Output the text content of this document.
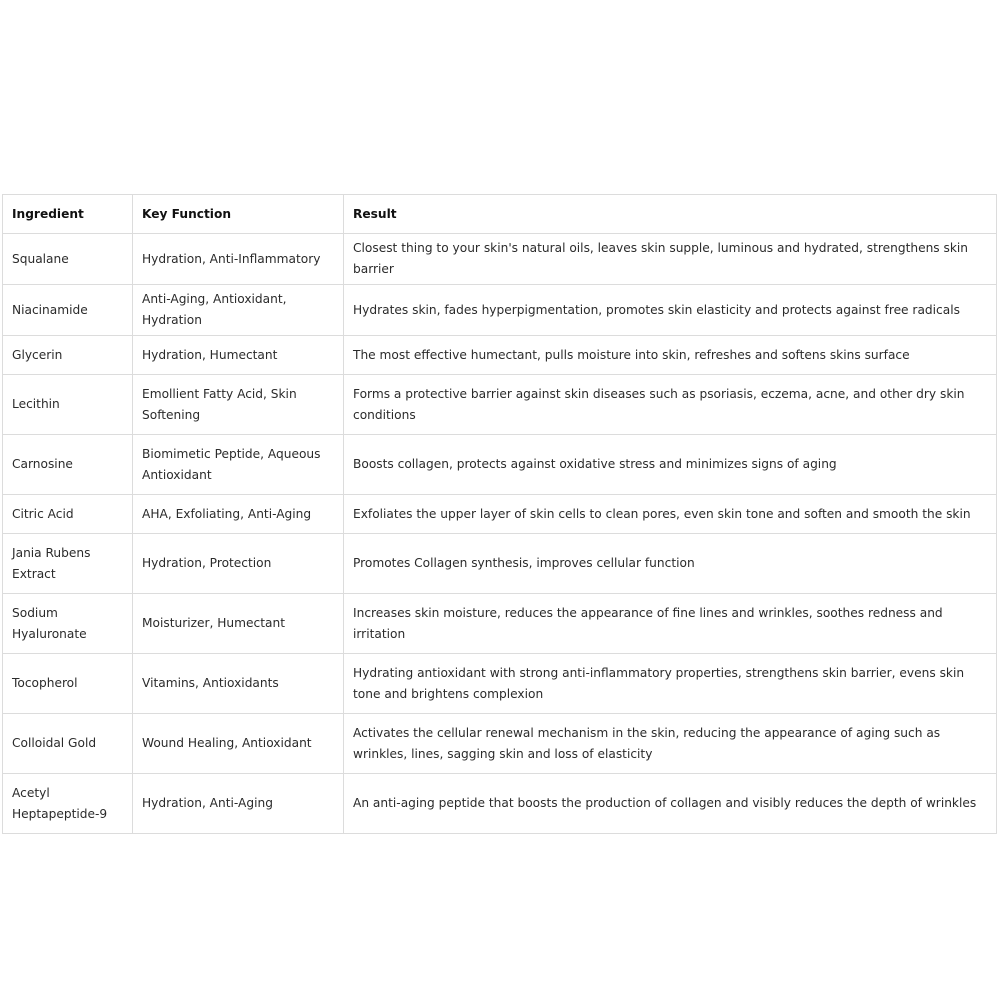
Ingredient	Key Function	Result
Squalane	Hydration, Anti-Inflammatory	Closest thing to your skin's natural oils, leaves skin supple, luminous and hydrated, strengthens skin barrier
Niacinamide	Anti-Aging, Antioxidant, Hydration	Hydrates skin, fades hyperpigmentation, promotes skin elasticity and protects against free radicals
Glycerin	Hydration, Humectant	The most effective humectant, pulls moisture into skin, refreshes and softens skins surface
Lecithin	Emollient Fatty Acid, Skin Softening	Forms a protective barrier against skin diseases such as psoriasis, eczema, acne, and other dry skin conditions
Carnosine	Biomimetic Peptide, Aqueous Antioxidant	Boosts collagen, protects against oxidative stress and minimizes signs of aging
Citric Acid	AHA, Exfoliating, Anti-Aging	Exfoliates the upper layer of skin cells to clean pores, even skin tone and soften and smooth the skin
Jania Rubens Extract	Hydration, Protection	Promotes Collagen synthesis, improves cellular function
Sodium Hyaluronate	Moisturizer, Humectant	Increases skin moisture, reduces the appearance of fine lines and wrinkles, soothes redness and irritation
Tocopherol	Vitamins, Antioxidants	Hydrating antioxidant with strong anti-inflammatory properties, strengthens skin barrier, evens skin tone and brightens complexion
Colloidal Gold	Wound Healing, Antioxidant	Activates the cellular renewal mechanism in the skin, reducing the appearance of aging such as wrinkles, lines, sagging skin and loss of elasticity
Acetyl Heptapeptide-9	Hydration, Anti-Aging	An anti-aging peptide that boosts the production of collagen and visibly reduces the depth of wrinkles
